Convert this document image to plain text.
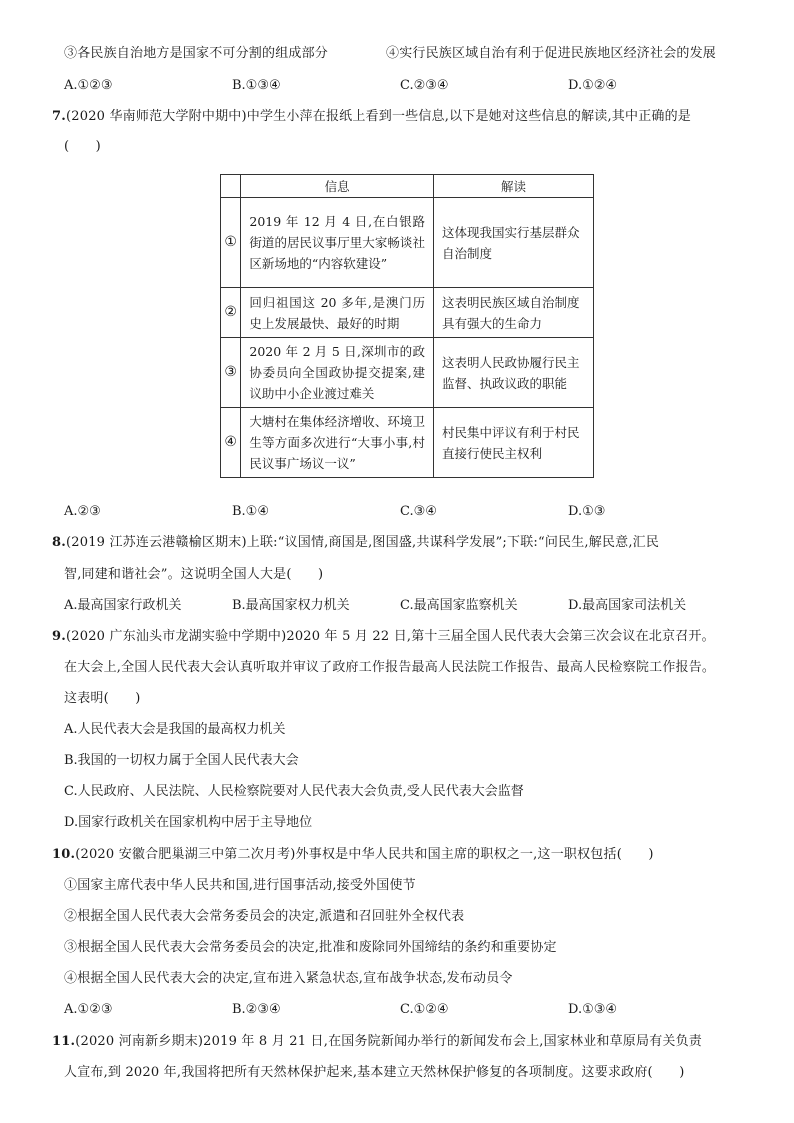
③各民族自治地方是国家不可分割的组成部分	④实行民族区域自治有利于促进民族地区经济社会的发展
A.①②③	B.①③④	C.②③④	D.①②④
7.(2020 华南师范大学附中期中)中学生小萍在报纸上看到一些信息,以下是她对这些信息的解读,其中正确的是
(　　)
	信息	解读
①	2019 年 12 月 4 日,在白银路街道的居民议事厅里大家畅谈社区新场地的“内容软建设”	这体现我国实行基层群众自治制度
②	回归祖国这 20 多年,是澳门历史上发展最快、最好的时期	这表明民族区域自治制度具有强大的生命力
③	2020 年 2 月 5 日,深圳市的政协委员向全国政协提交提案,建议助中小企业渡过难关	这表明人民政协履行民主监督、执政议政的职能
④	大塘村在集体经济增收、环境卫生等方面多次进行“大事小事,村民议事广场议一议”	村民集中评议有利于村民直接行使民主权利
A.②③	B.①④	C.③④	D.①③
8.(2019 江苏连云港赣榆区期末)上联:“议国情,商国是,图国盛,共谋科学发展”;下联:“问民生,解民意,汇民
智,同建和谐社会”。这说明全国人大是(　　)
A.最高国家行政机关	B.最高国家权力机关	C.最高国家监察机关	D.最高国家司法机关
9.(2020 广东汕头市龙湖实验中学期中)2020 年 5 月 22 日,第十三届全国人民代表大会第三次会议在北京召开。
在大会上,全国人民代表大会认真听取并审议了政府工作报告最高人民法院工作报告、最高人民检察院工作报告。
这表明(　　)
A.人民代表大会是我国的最高权力机关
B.我国的一切权力属于全国人民代表大会
C.人民政府、人民法院、人民检察院要对人民代表大会负责,受人民代表大会监督
D.国家行政机关在国家机构中居于主导地位
10.(2020 安徽合肥巢湖三中第二次月考)外事权是中华人民共和国主席的职权之一,这一职权包括(　　)
①国家主席代表中华人民共和国,进行国事活动,接受外国使节
②根据全国人民代表大会常务委员会的决定,派遣和召回驻外全权代表
③根据全国人民代表大会常务委员会的决定,批准和废除同外国缔结的条约和重要协定
④根据全国人民代表大会的决定,宣布进入紧急状态,宣布战争状态,发布动员令
A.①②③	B.②③④	C.①②④	D.①③④
11.(2020 河南新乡期末)2019 年 8 月 21 日,在国务院新闻办举行的新闻发布会上,国家林业和草原局有关负责
人宣布,到 2020 年,我国将把所有天然林保护起来,基本建立天然林保护修复的各项制度。这要求政府(　　)
